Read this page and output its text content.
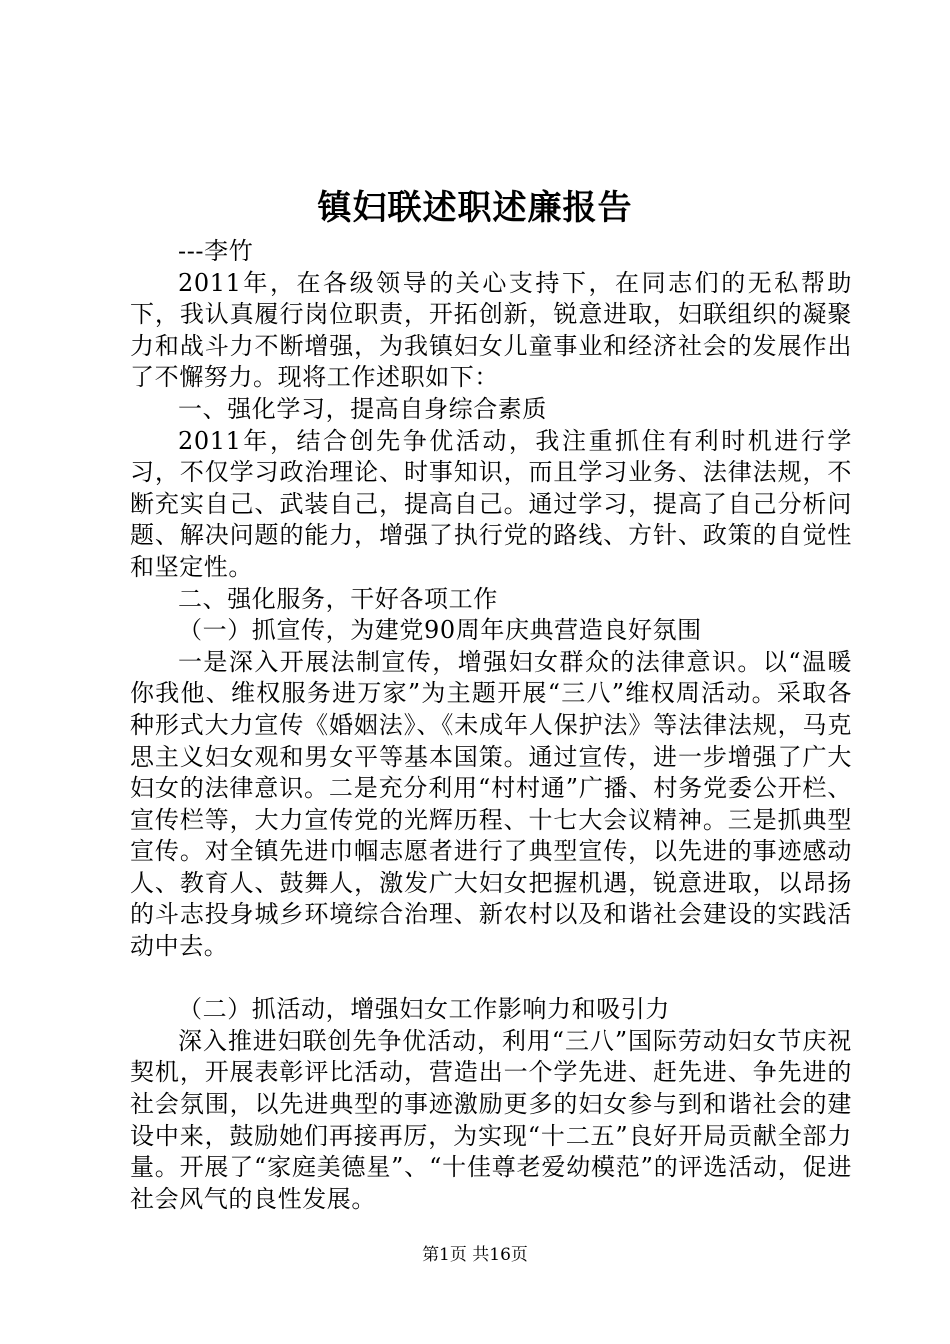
镇妇联述职述廉报告

---李竹

2011年，在各级领导的关心支持下，在同志们的无私帮助下，我认真履行岗位职责，开拓创新，锐意进取，妇联组织的凝聚力和战斗力不断增强，为我镇妇女儿童事业和经济社会的发展作出了不懈努力。现将工作述职如下：

一、强化学习，提高自身综合素质

2011年，结合创先争优活动，我注重抓住有利时机进行学习，不仅学习政治理论、时事知识，而且学习业务、法律法规，不断充实自己、武装自己，提高自己。通过学习，提高了自己分析问题、解决问题的能力，增强了执行党的路线、方针、政策的自觉性和坚定性。

二、强化服务，干好各项工作

（一）抓宣传，为建党90周年庆典营造良好氛围

一是深入开展法制宣传，增强妇女群众的法律意识。以“温暖你我他、维权服务进万家”为主题开展“三八”维权周活动。采取各种形式大力宣传《婚姻法》、《未成年人保护法》等法律法规，马克思主义妇女观和男女平等基本国策。通过宣传，进一步增强了广大妇女的法律意识。二是充分利用“村村通”广播、村务党委公开栏、宣传栏等，大力宣传党的光辉历程、十七大会议精神。三是抓典型宣传。对全镇先进巾帼志愿者进行了典型宣传，以先进的事迹感动人、教育人、鼓舞人，激发广大妇女把握机遇，锐意进取，以昂扬的斗志投身城乡环境综合治理、新农村以及和谐社会建设的实践活动中去。

（二）抓活动，增强妇女工作影响力和吸引力

深入推进妇联创先争优活动，利用“三八”国际劳动妇女节庆祝契机，开展表彰评比活动，营造出一个学先进、赶先进、争先进的社会氛围，以先进典型的事迹激励更多的妇女参与到和谐社会的建设中来，鼓励她们再接再厉，为实现“十二五”良好开局贡献全部力量。开展了“家庭美德星”、“十佳尊老爱幼模范”的评选活动，促进社会风气的良性发展。

第1页 共16页
